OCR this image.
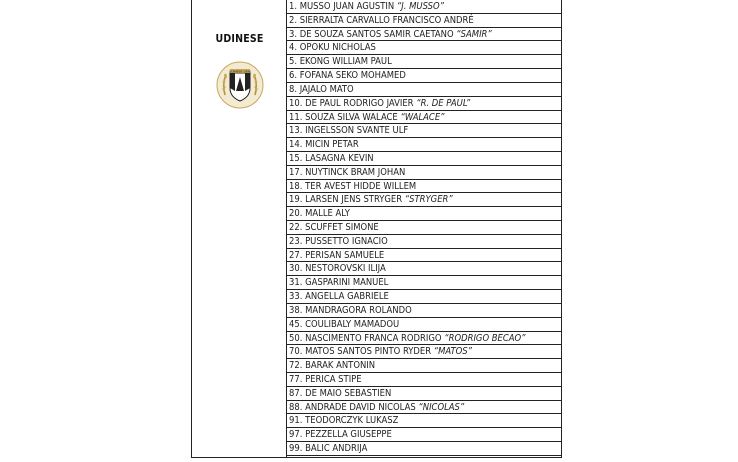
UDINESE
UDINESE 1896
1. MUSSO JUAN AGUSTIN “J. MUSSO”
2. SIERRALTA CARVALLO FRANCISCO ANDRÉ
3. DE SOUZA SANTOS SAMIR CAETANO “SAMIR”
4. OPOKU NICHOLAS
5. EKONG WILLIAM PAUL
6. FOFANA SEKO MOHAMED
8. JAJALO MATO
10. DE PAUL RODRIGO JAVIER “R. DE PAUL”
11. SOUZA SILVA WALACE “WALACE”
13. INGELSSON SVANTE ULF
14. MICIN PETAR
15. LASAGNA KEVIN
17. NUYTINCK BRAM JOHAN
18. TER AVEST HIDDE WILLEM
19. LARSEN JENS STRYGER “STRYGER”
20. MALLE ALY
22. SCUFFET SIMONE
23. PUSSETTO IGNACIO
27. PERISAN SAMUELE
30. NESTOROVSKI ILIJA
31. GASPARINI MANUEL
33. ANGELLA GABRIELE
38. MANDRAGORA ROLANDO
45. COULIBALY MAMADOU
50. NASCIMENTO FRANCA RODRIGO “RODRIGO BECAO”
70. MATOS SANTOS PINTO RYDER “MATOS”
72. BARAK ANTONIN
77. PERICA STIPE
87. DE MAIO SEBASTIEN
88. ANDRADE DAVID NICOLAS “NICOLAS”
91. TEODORCZYK LUKASZ
97. PEZZELLA GIUSEPPE
99. BALIC ANDRIJA
